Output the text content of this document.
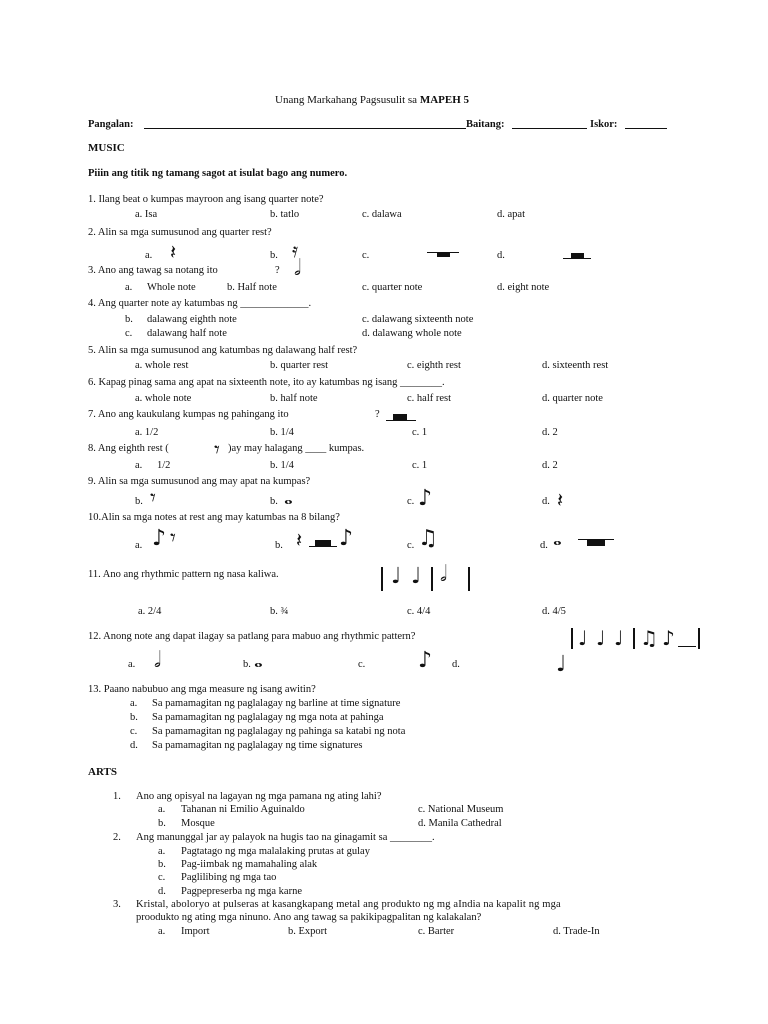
Unang Markahang Pagsusulit sa MAPEH 5
Pangalan:	Baitang:	Iskor:
MUSIC
Piiin ang titik ng tamang sagot at isulat bago ang numero.
1. Ilang beat o kumpas mayroon ang isang quarter note?
a. Isa	b. tatlo	c. dalawa	d. apat
2. Alin sa mga sumusunod ang quarter rest?
a. 𝄽	b. 𝄿	c.	d.
3. Ano ang tawag sa notang ito	? 𝅗𝅥
a. Whole note	b. Half note	c. quarter note	d. eight note
4. Ang quarter note ay katumbas ng _____________.
b. dalawang eighth note
c. dalawang half note
c. dalawang sixteenth note
d. dalawang whole note
5. Alin sa mga sumusunod ang katumbas ng dalawang half rest?
a. whole rest	b. quarter rest	c. eighth rest	d. sixteenth rest
6. Kapag pinag sama ang apat na sixteenth note, ito ay katumbas ng isang ________.
a. whole note	b. half note	c. half rest	d. quarter note
7. Ano ang kaukulang kumpas ng pahingang ito	?
a. 1/2	b. 1/4	c. 1	d. 2
8. Ang eighth rest ( 𝄾 )ay may halagang ____ kumpas.
a. 1/2	b. 1/4	c. 1	d. 2
9. Alin sa mga sumusunod ang may apat na kumpas?
b. 𝄾	b. 𝅝	c. ♪	d. 𝄽
10.Alin sa mga notes at rest ang may katumbas na 8 bilang?
a. ♪ 𝄾	b. 𝄽 ♪	c. ♫	d. 𝅝
11. Ano ang rhythmic pattern ng nasa kaliwa.	♩ ♩ 𝅗𝅥
a. 2/4	b. ¾	c. 4/4	d. 4/5
12. Anong note ang dapat ilagay sa patlang para mabuo ang rhythmic pattern?	♩ ♩ ♩ ♫ ♪
a. 𝅗𝅥	b. 𝅝	c. ♪ d.	♩
13. Paano nabubuo ang mga measure ng isang awitin?
a. Sa pamamagitan ng paglalagay ng barline at time signature
b. Sa pamamagitan ng paglalagay ng mga nota at pahinga
c. Sa pamamagitan ng paglalagay ng pahinga sa katabi ng nota
d. Sa pamamagitan ng paglalagay ng time signatures
ARTS
1. Ano ang opisyal na lagayan ng mga pamana ng ating lahi?
a. Tahanan ni Emilio Aguinaldo
b. Mosque
c. National Museum
d. Manila Cathedral
2. Ang manunggal jar ay palayok na hugis tao na ginagamit sa ________.
a. Pagtatago ng mga malalaking prutas at gulay
b. Pag-iimbak ng mamahaling alak
c. Paglilibing ng mga tao
d. Pagpepreserba ng mga karne
3. Kristal, aboloryo at pulseras at kasangkapang metal ang produkto ng mg aIndia na kapalit ng mga
proodukto ng ating mga ninuno. Ano ang tawag sa pakikipagpalitan ng kalakalan?
a. Import	b. Export	c. Barter	d. Trade-In
